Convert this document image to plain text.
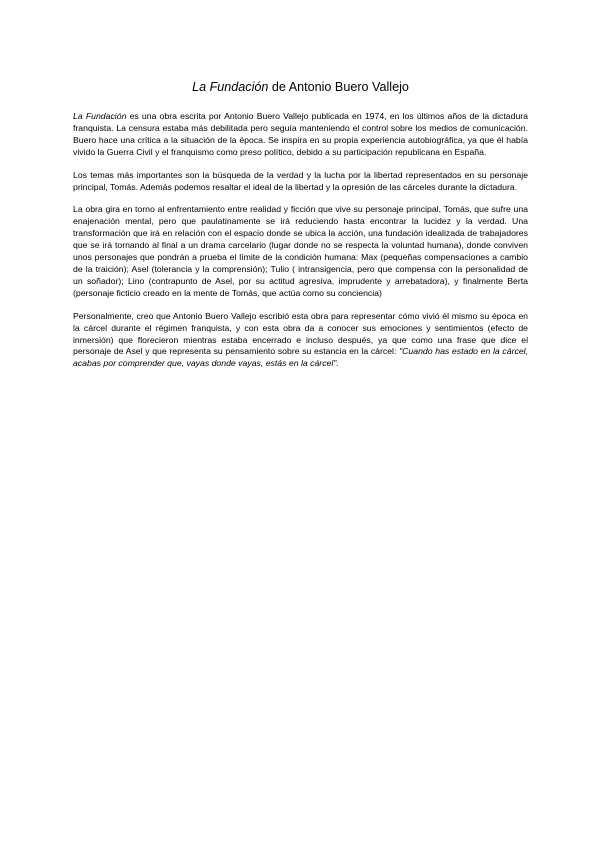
La Fundación de Antonio Buero Vallejo

La Fundación es una obra escrita por Antonio Buero Vallejo publicada en 1974, en los últimos años de la dictadura franquista. La censura estaba más debilitada pero seguía manteniendo el control sobre los medios de comunicación. Buero hace una crítica a la situación de la época. Se inspira en su propia experiencia autobiográfica, ya que él había vivido la Guerra Civil y el franquismo como preso político, debido a su participación republicana en España.

Los temas más importantes son la búsqueda de la verdad y la lucha por la libertad representados en su personaje principal, Tomás. Además podemos resaltar el ideal de la libertad y la opresión de las cárceles durante la dictadura.

La obra gira en torno al enfrentamiento entre realidad y ficción que vive su personaje principal, Tomás, que sufre una enajenación mental, pero que paulatinamente se irá reduciendo hasta encontrar la lucidez y la verdad. Una transformación que irá en relación con el espacio donde se ubica la acción, una fundación idealizada de trabajadores que se irá tornando al final a un drama carcelario (lugar donde no se respecta la voluntad humana), donde conviven unos personajes que pondrán a prueba el límite de la condición humana: Max (pequeñas compensaciones a cambio de la traición); Asel (tolerancia y la comprensión); Tulio ( intransigencia, pero que compensa con la personalidad de un soñador); Lino (contrapunto de Asel, por su actitud agresiva, imprudente y arrebatadora), y finalmente Berta (personaje ficticio creado en la mente de Tomás, que actúa como su conciencia)

Personalmente, creo que Antonio Buero Vallejo escribió esta obra para representar cómo vivió él mismo su época en la cárcel durante el régimen franquista, y con esta obra da a conocer sus emociones y sentimientos (efecto de inmersión) que florecieron mientras estaba encerrado e incluso después, ya que como una frase que dice el personaje de Asel y que representa su pensamiento sobre su estancia en la cárcel: "Cuando has estado en la cárcel, acabas por comprender que, vayas donde vayas, estás en la cárcel".
